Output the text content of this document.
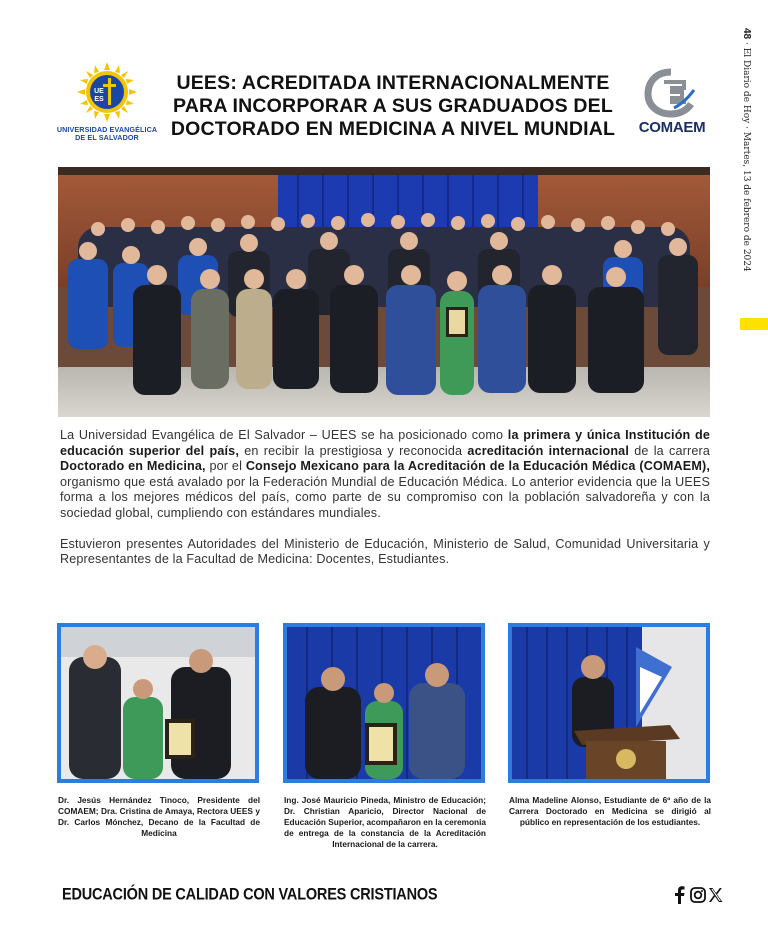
UE
ES
UNIVERSIDAD EVANGÉLICA
DE EL SALVADOR
UEES: ACREDITADA INTERNACIONALMENTE
PARA INCORPORAR A SUS GRADUADOS DEL
DOCTORADO EN MEDICINA A NIVEL MUNDIAL	COMAEM
48 · El Diario de Hoy · Martes, 13 de febrero de 2024

La Universidad Evangélica de El Salvador – UEES se ha posicionado como la primera y única Institución de educación superior del país, en recibir la prestigiosa y reconocida acreditación internacional de la carrera Doctorado en Medicina, por el Consejo Mexicano para la Acreditación de la Educación Médica (COMAEM), organismo que está avalado por la Federación Mundial de Educación Médica. Lo anterior evidencia que la UEES forma a los mejores médicos del país, como parte de su compromiso con la población salvadoreña y con la sociedad global, cumpliendo con estándares mundiales.

Estuvieron presentes Autoridades del Ministerio de Educación, Ministerio de Salud, Comunidad Universitaria y Representantes de la Facultad de Medicina: Docentes, Estudiantes.

Dr. Jesús Hernández Tinoco, Presidente del COMAEM; Dra. Cristina de Amaya, Rectora UEES y Dr. Carlos Mónchez, Decano de la Facultad de Medicina
Ing. José Mauricio Pineda, Ministro de Educación; Dr. Christian Aparicio, Director Nacional de Educación Superior, acompañaron en la ceremonia de entrega de la constancia de la Acreditación Internacional de la carrera.
Alma Madeline Alonso, Estudiante de 6º año de la Carrera Doctorado en Medicina se dirigió al público en representación de los estudiantes.
EDUCACIÓN DE CALIDAD CON VALORES CRISTIANOS
